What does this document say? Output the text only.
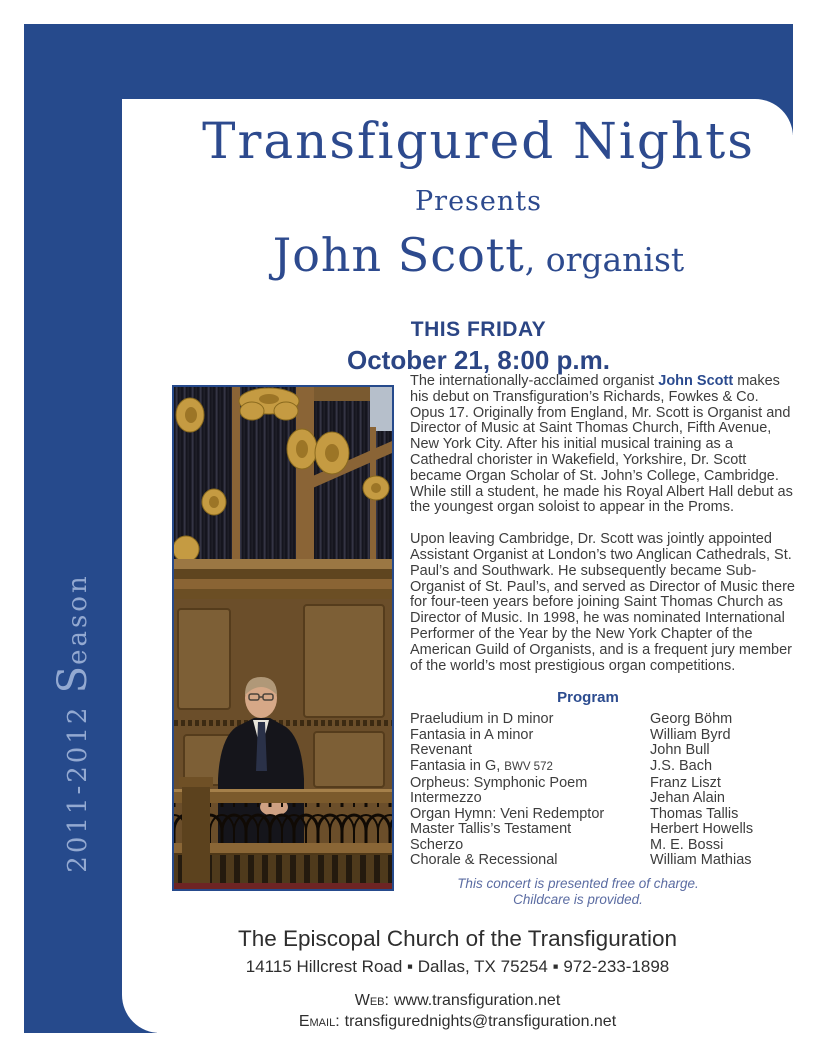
2011-2012 Season
Transfigured Nights
Presents
John Scott, organist
THIS FRIDAY
October 21, 8:00 p.m.

The internationally-acclaimed organist John Scott makes his debut on Transfiguration’s Richards, Fowkes & Co. Opus 17. Originally from England, Mr. Scott is Organist and Director of Music at Saint Thomas Church, Fifth Avenue, New York City. After his initial musical training as a Cathedral chorister in Wakefield, Yorkshire, Dr. Scott became Organ Scholar of St. John’s College, Cambridge. While still a student, he made his Royal Albert Hall debut as the youngest organ soloist to appear in the Proms.

Upon leaving Cambridge, Dr. Scott was jointly appointed Assistant Organist at London’s two Anglican Cathedrals, St. Paul’s and Southwark. He subsequently became Sub-Organist of St. Paul’s, and served as Director of Music there for four-teen years before joining Saint Thomas Church as Director of Music. In 1998, he was nominated International Performer of the Year by the New York Chapter of the American Guild of Organists, and is a frequent jury member of the world’s most prestigious organ competitions.

Program
Praeludium in D minor	Georg Böhm
Fantasia in A minor	William Byrd
Revenant	John Bull
Fantasia in G, BWV 572	J.S. Bach
Orpheus: Symphonic Poem	Franz Liszt
Intermezzo	Jehan Alain
Organ Hymn: Veni Redemptor	Thomas Tallis
Master Tallis’s Testament	Herbert Howells
Scherzo	M. E. Bossi
Chorale & Recessional	William Mathias
This concert is presented free of charge.
Childcare is provided.
The Episcopal Church of the Transfiguration
14115 Hillcrest Road ▪ Dallas, TX 75254 ▪ 972-233-1898
Web: www.transfiguration.net
Email: transfigurednights@transfiguration.net
